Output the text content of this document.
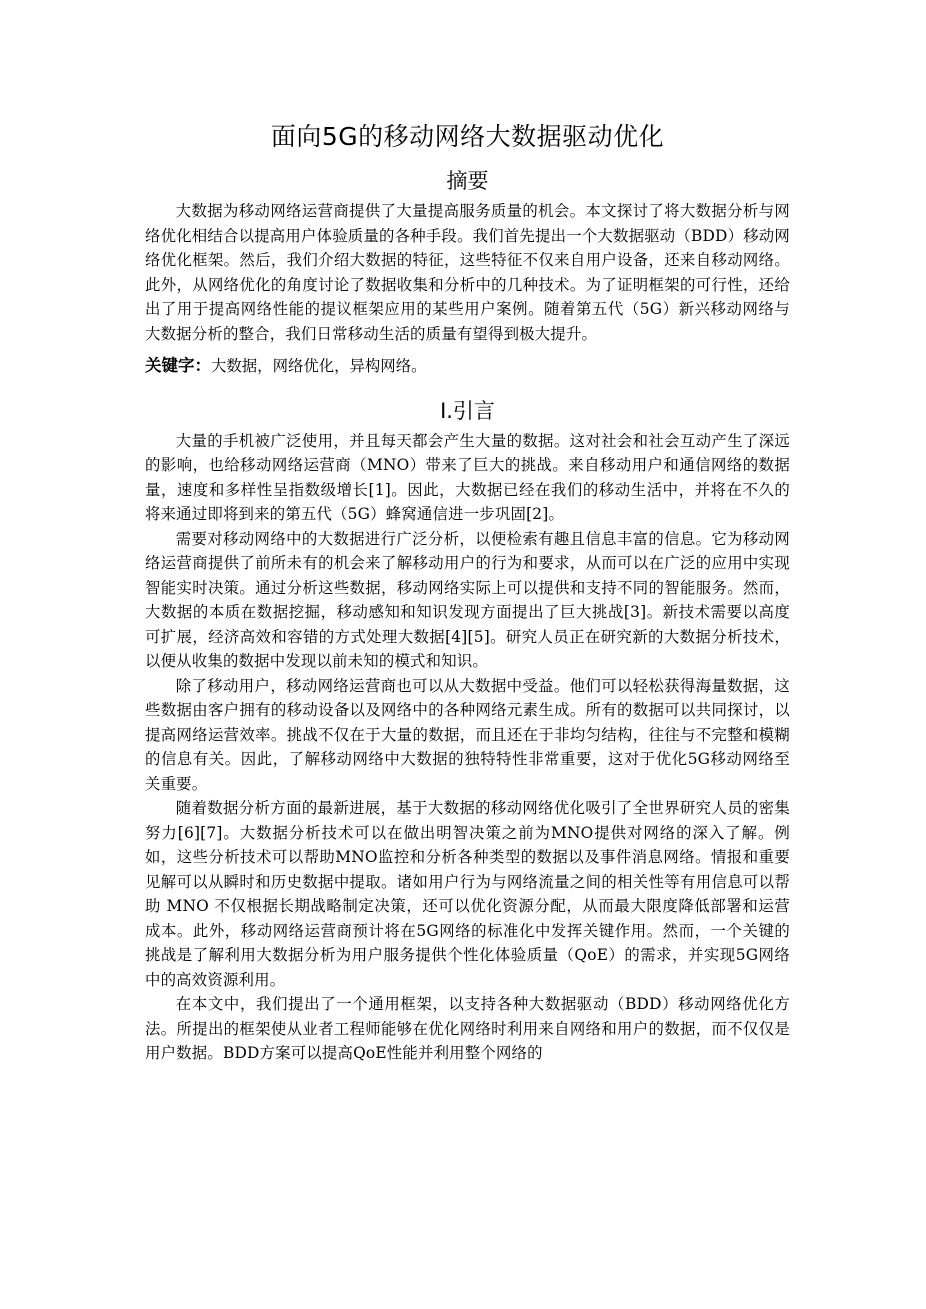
面向5G的移动网络大数据驱动优化
摘要

大数据为移动网络运营商提供了大量提高服务质量的机会。本文探讨了将大数据分析与网络优化相结合以提高用户体验质量的各种手段。我们首先提出一个大数据驱动（BDD）移动网络优化框架。然后，我们介绍大数据的特征，这些特征不仅来自用户设备，还来自移动网络。此外，从网络优化的角度讨论了数据收集和分析中的几种技术。为了证明框架的可行性，还给出了用于提高网络性能的提议框架应用的某些用户案例。随着第五代（5G）新兴移动网络与大数据分析的整合，我们日常移动生活的质量有望得到极大提升。

关键字：大数据，网络优化，异构网络。

I.引言

大量的手机被广泛使用，并且每天都会产生大量的数据。这对社会和社会互动产生了深远的影响，也给移动网络运营商（MNO）带来了巨大的挑战。来自移动用户和通信网络的数据量，速度和多样性呈指数级增长[1]。因此，大数据已经在我们的移动生活中，并将在不久的将来通过即将到来的第五代（5G）蜂窝通信进一步巩固[2]。

需要对移动网络中的大数据进行广泛分析，以便检索有趣且信息丰富的信息。它为移动网络运营商提供了前所未有的机会来了解移动用户的行为和要求，从而可以在广泛的应用中实现智能实时决策。通过分析这些数据，移动网络实际上可以提供和支持不同的智能服务。然而，大数据的本质在数据挖掘，移动感知和知识发现方面提出了巨大挑战[3]。新技术需要以高度可扩展，经济高效和容错的方式处理大数据[4][5]。研究人员正在研究新的大数据分析技术，以便从收集的数据中发现以前未知的模式和知识。

除了移动用户，移动网络运营商也可以从大数据中受益。他们可以轻松获得海量数据，这些数据由客户拥有的移动设备以及网络中的各种网络元素生成。所有的数据可以共同探讨，以提高网络运营效率。挑战不仅在于大量的数据，而且还在于非均匀结构，往往与不完整和模糊的信息有关。因此，了解移动网络中大数据的独特特性非常重要，这对于优化5G移动网络至关重要。

随着数据分析方面的最新进展，基于大数据的移动网络优化吸引了全世界研究人员的密集努力[6][7]。大数据分析技术可以在做出明智决策之前为MNO提供对网络的深入了解。例如，这些分析技术可以帮助MNO监控和分析各种类型的数据以及事件消息网络。情报和重要见解可以从瞬时和历史数据中提取。诸如用户行为与网络流量之间的相关性等有用信息可以帮助 MNO 不仅根据长期战略制定决策，还可以优化资源分配，从而最大限度降低部署和运营成本。此外，移动网络运营商预计将在5G网络的标准化中发挥关键作用。然而，一个关键的挑战是了解利用大数据分析为用户服务提供个性化体验质量（QoE）的需求，并实现5G网络中的高效资源利用。

在本文中，我们提出了一个通用框架，以支持各种大数据驱动（BDD）移动网络优化方法。所提出的框架使从业者工程师能够在优化网络时利用来自网络和用户的数据，而不仅仅是用户数据。BDD方案可以提高QoE性能并利用整个网络的
